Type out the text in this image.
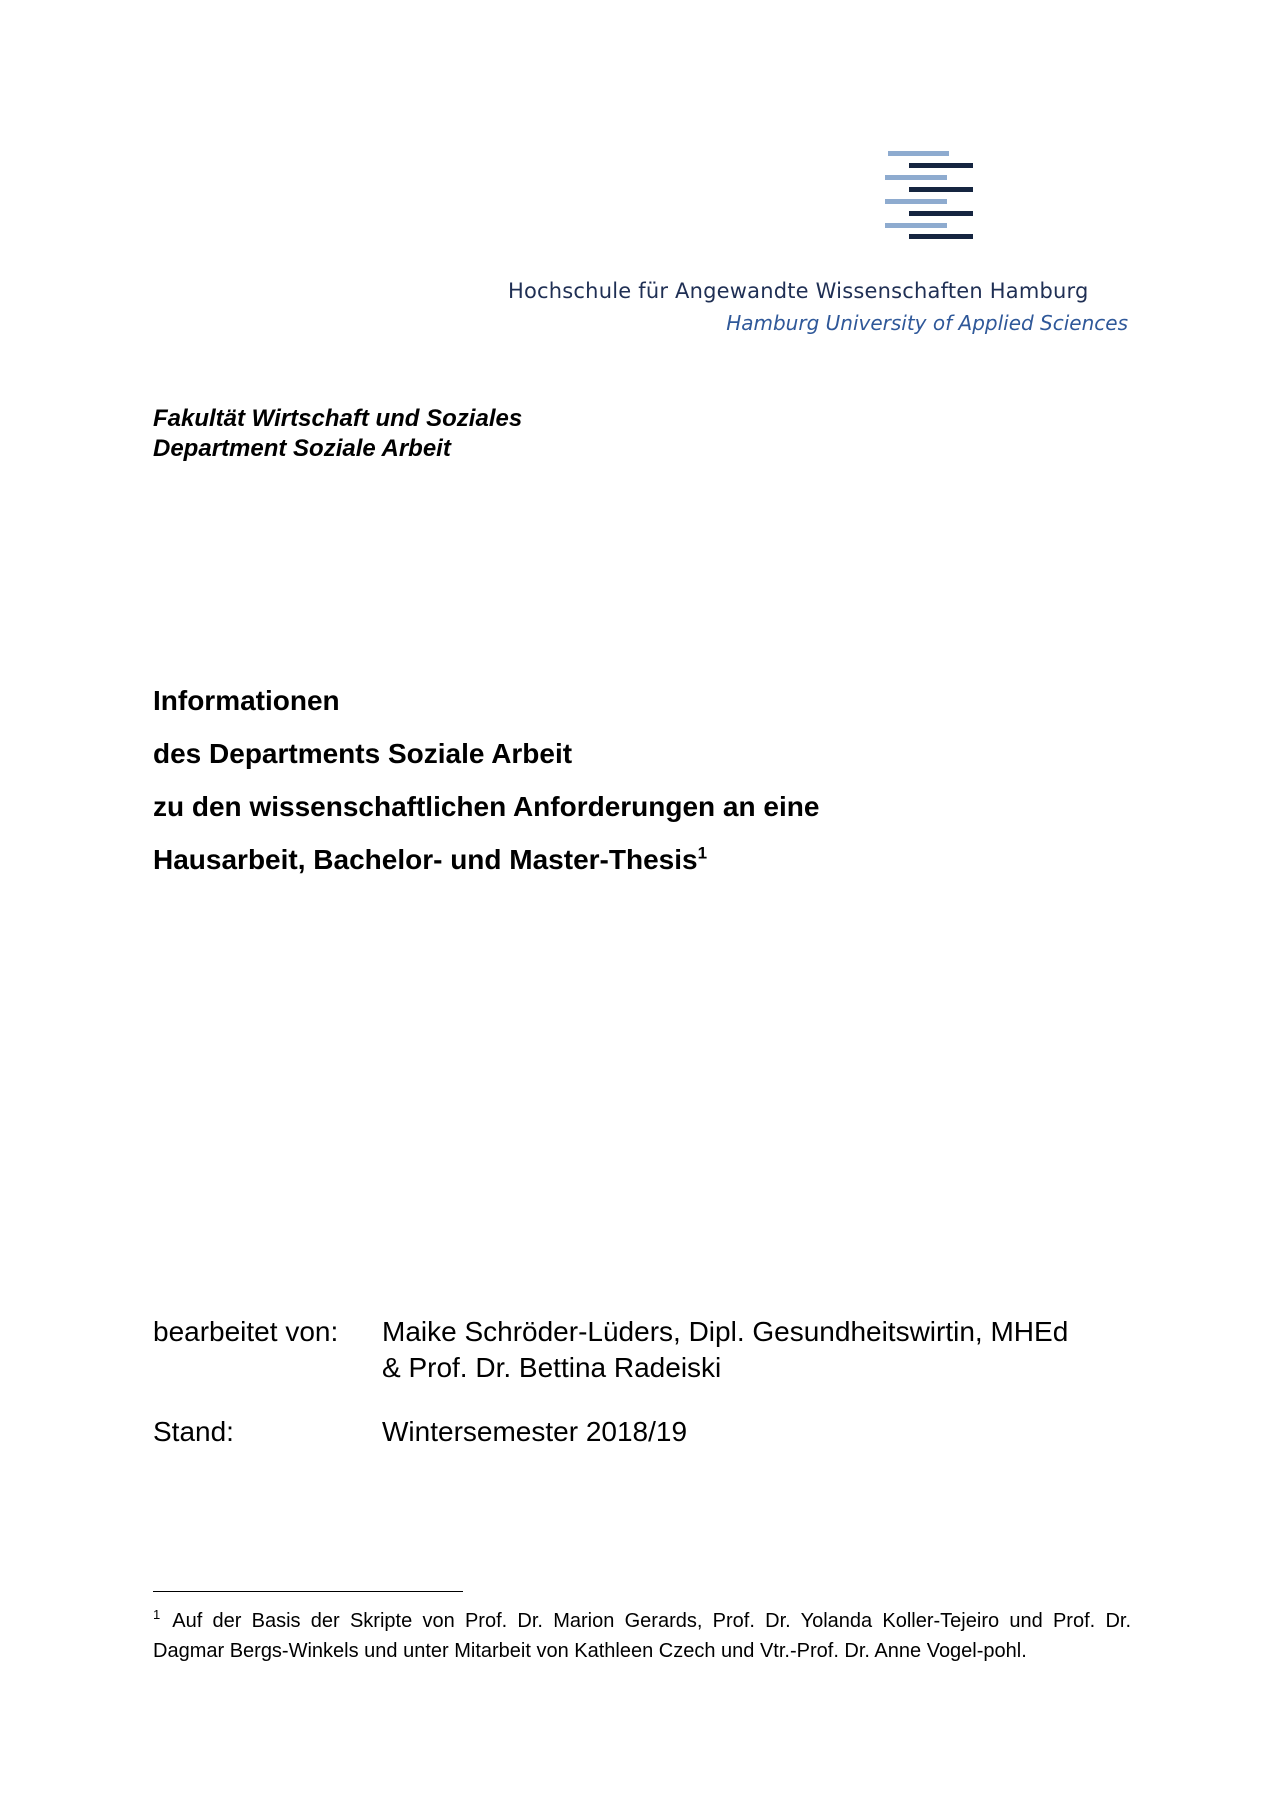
Hochschule für Angewandte Wissenschaften Hamburg
Hamburg University of Applied Sciences
Fakultät Wirtschaft und Soziales
Department Soziale Arbeit
Informationen
des Departments Soziale Arbeit
zu den wissenschaftlichen Anforderungen an eine
Hausarbeit, Bachelor- und Master-Thesis$^1$
bearbeitet von:	Maike Schröder-Lüders, Dipl. Gesundheitswirtin, MHEd
& Prof. Dr. Bettina Radeiski
Stand:	Wintersemester 2018/19
$^1$ Auf der Basis der Skripte von Prof. Dr. Marion Gerards, Prof. Dr. Yolanda Koller-Tejeiro und Prof. Dr. Dagmar Bergs-Winkels und unter Mitarbeit von Kathleen Czech und Vtr.-Prof. Dr. Anne Vogel-pohl.
